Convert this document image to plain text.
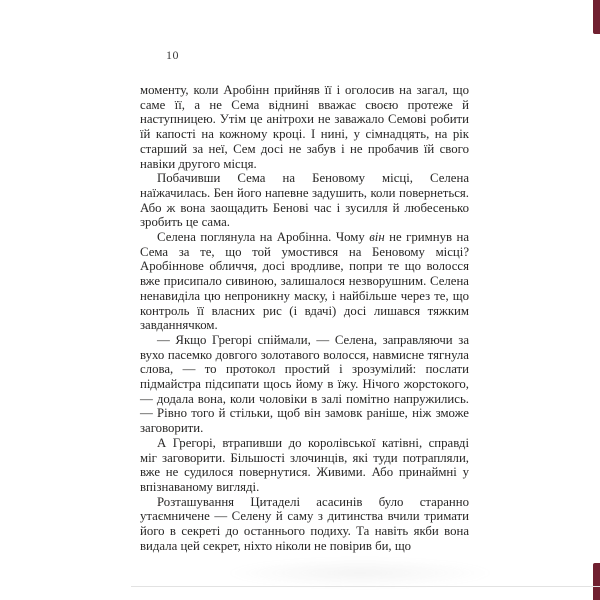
10

моменту, коли Аробінн прийняв її і оголосив на загал, що саме її, а не Сема віднині вважає своєю протеже й наступницею. Утім це анітрохи не заважало Семові робити їй капості на кожному кроці. І нині, у сімнадцять, на рік старший за неї, Сем досі не забув і не пробачив їй свого навіки другого місця.

Побачивши Сема на Беновому місці, Селена наїжачилась. Бен його напевне задушить, коли повернеться. Або ж вона заощадить Бенові час і зусилля й любесенько зробить це сама.

Селена поглянула на Аробінна. Чому він не гримнув на Сема за те, що той умостився на Беновому місці? Аробіннове обличчя, досі вродливе, попри те що волосся вже присипало сивиною, залишалося незворушним. Селена ненавиділа цю непроникну маску, і найбільше через те, що контроль її власних рис (і вдачі) досі лишався тяжким завданнячком.

— Якщо Грегорі спіймали, — Селена, заправляючи за вухо пасемко довгого золотавого волосся, навмисне тягнула слова, — то протокол простий і зрозумілий: послати підмайстра підсипати щось йому в їжу. Нічого жорстокого, — додала вона, коли чоловіки в залі помітно напружились. — Рівно того й стільки, щоб він замовк раніше, ніж зможе заговорити.

А Грегорі, втрапивши до королівської катівні, справді міг заговорити. Більшості злочинців, які туди потрапляли, вже не судилося повернутися. Живими. Або принаймні у впізнаваному вигляді.

Розташування Цитаделі асасинів було старанно утаємничене — Селену й саму з дитинства вчили тримати його в секреті до останнього подиху. Та навіть якби вона видала цей секрет, ніхто ніколи не повірив би, що
